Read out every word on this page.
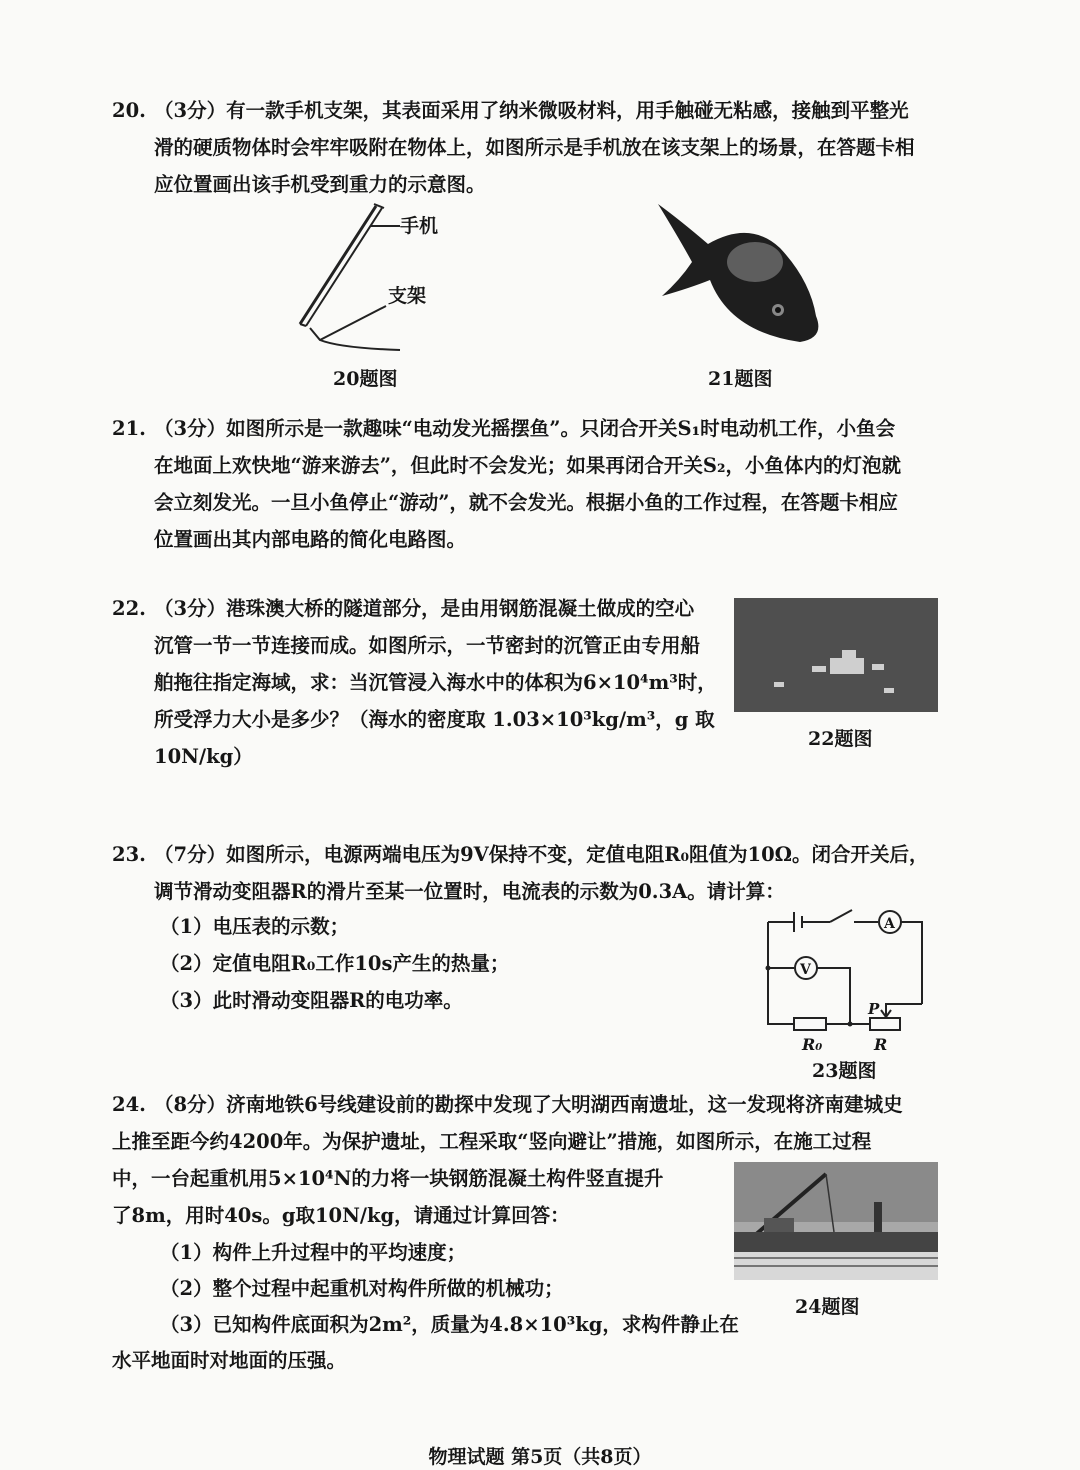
20. （3分）有一款手机支架，其表面采用了纳米微吸材料，用手触碰无粘感，接触到平整光
滑的硬质物体时会牢牢吸附在物体上，如图所示是手机放在该支架上的场景，在答题卡相
应位置画出该手机受到重力的示意图。
手机
支架
20题图	21题图
21. （3分）如图所示是一款趣味“电动发光摇摆鱼”。只闭合开关S₁时电动机工作，小鱼会
在地面上欢快地“游来游去”，但此时不会发光；如果再闭合开关S₂，小鱼体内的灯泡就
会立刻发光。一旦小鱼停止“游动”，就不会发光。根据小鱼的工作过程，在答题卡相应
位置画出其内部电路的简化电路图。
22. （3分）港珠澳大桥的隧道部分，是由用钢筋混凝土做成的空心
沉管一节一节连接而成。如图所示，一节密封的沉管正由专用船
舶拖往指定海域，求：当沉管浸入海水中的体积为6×10⁴m³时，
所受浮力大小是多少？（海水的密度取 1.03×10³kg/m³，g 取
10N/kg）
22题图
23. （7分）如图所示，电源两端电压为9V保持不变，定值电阻R₀阻值为10Ω。闭合开关后，
调节滑动变阻器R的滑片至某一位置时，电流表的示数为0.3A。请计算：
（1）电压表的示数；
（2）定值电阻R₀工作10s产生的热量；
（3）此时滑动变阻器R的电功率。
A
V
P
R₀	R
23题图
24. （8分）济南地铁6号线建设前的勘探中发现了大明湖西南遗址，这一发现将济南建城史
上推至距今约4200年。为保护遗址，工程采取“竖向避让”措施，如图所示，在施工过程
中，一台起重机用5×10⁴N的力将一块钢筋混凝土构件竖直提升
了8m，用时40s。g取10N/kg，请通过计算回答：
（1）构件上升过程中的平均速度；
（2）整个过程中起重机对构件所做的机械功；
（3）已知构件底面积为2m²，质量为4.8×10³kg，求构件静止在
水平地面时对地面的压强。
24题图
物理试题 第5页（共8页）
